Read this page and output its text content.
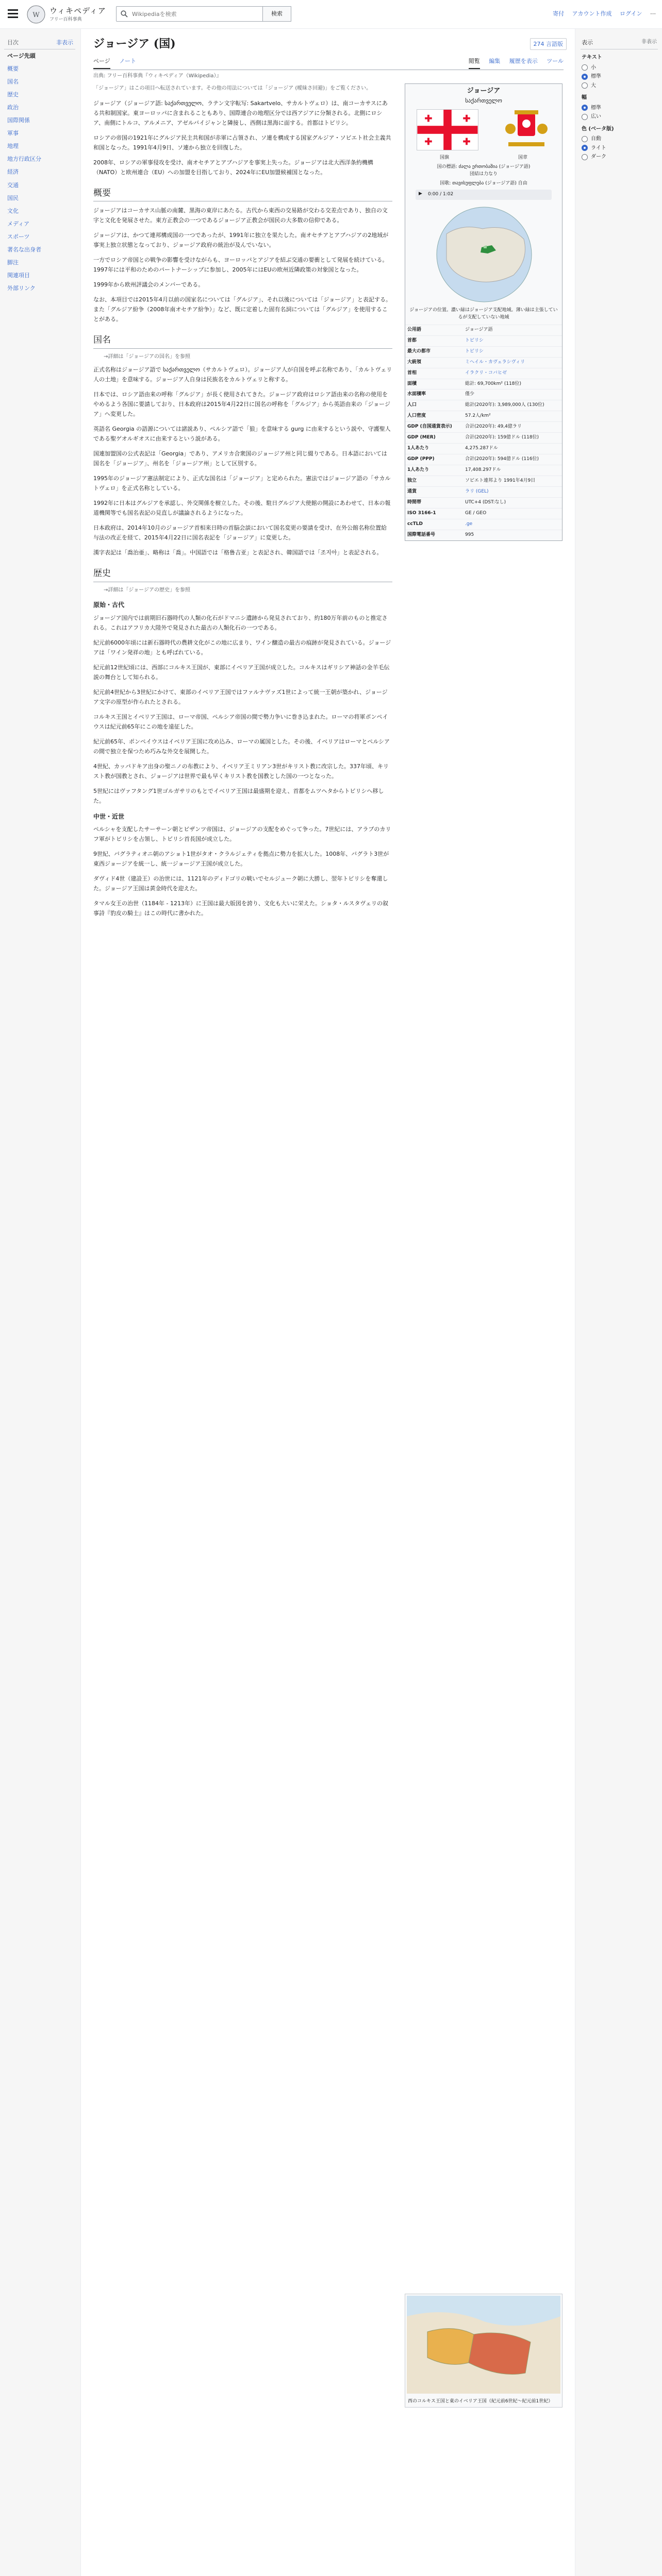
W ウィキペディア
フリー百科事典
Wikipediaを検索
検索	寄付 アカウント作成 ログイン ⋯
目次	非表示
ページ先頭
概要
国名
歴史
政治
国際関係
軍事
地理
地方行政区分
経済
交通
国民
文化
メディア
スポーツ
著名な出身者
脚注
関連項目
外部リンク
ジョージア (国)	274 言語版
ページ ノート	閲覧 編集 履歴を表示 ツール
出典: フリー百科事典『ウィキペディア（Wikipedia）』

「ジョージア」はこの項目へ転送されています。その他の用法については「ジョージア (曖昧さ回避)」をご覧ください。

ジョージア（ジョージア語: საქართველო、ラテン文字転写: Sakartvelo、サカルトヴェロ）は、南コーカサスにある共和制国家。東ヨーロッパに含まれることもあり、国際連合の地理区分では西アジアに分類される。北側にロシア、南側にトルコ、アルメニア、アゼルバイジャンと隣接し、西側は黒海に面する。首都はトビリシ。

ロシアの帝国の1921年にグルジア民主共和国が赤軍に占領され、ソ連を構成する国家グルジア・ソビエト社会主義共和国となった。1991年4月9日、ソ連から独立を回復した。

2008年、ロシアの軍事侵攻を受け、南オセチアとアブハジアを事実上失った。ジョージアは北大西洋条約機構（NATO）と欧州連合（EU）への加盟を目指しており、2024年にEU加盟候補国となった。

概要

ジョージアはコーカサス山脈の南麓、黒海の東岸にあたる。古代から東西の交易路が交わる交差点であり、独自の文字と文化を発展させた。東方正教会の一つであるジョージア正教会が国民の大多数の信仰である。

ジョージアは、かつて連邦構成国の一つであったが、1991年に独立を果たした。南オセチアとアブハジアの2地域が事実上独立状態となっており、ジョージア政府の統治が及んでいない。

一方でロシア帝国との戦争の影響を受けながらも、ヨーロッパとアジアを結ぶ交通の要衝として発展を続けている。1997年には平和のためのパートナーシップに参加し、2005年にはEUの欧州近隣政策の対象国となった。

1999年から欧州評議会のメンバーである。

なお、本項目では2015年4月以前の国家名については「グルジア」、それ以後については「ジョージア」と表記する。また「グルジア紛争（2008年南オセチア紛争）」など、既に定着した固有名詞については「グルジア」を使用することがある。

国名
→詳細は「ジョージアの国名」を参照

正式名称はジョージア語で საქართველო（サカルトヴェロ）。ジョージア人が自国を呼ぶ名称であり、「カルトヴェリ人の土地」を意味する。ジョージア人自身は民族名をカルトヴェリと称する。

日本では、ロシア語由来の呼称「グルジア」が長く使用されてきた。ジョージア政府はロシア語由来の名称の使用をやめるよう各国に要請しており、日本政府は2015年4月22日に国名の呼称を「グルジア」から英語由来の「ジョージア」へ変更した。

英語名 Georgia の語源については諸説あり、ペルシア語で「狼」を意味する gurg に由来するという説や、守護聖人である聖ゲオルギオスに由来するという説がある。

国連加盟国の公式表記は「Georgia」であり、アメリカ合衆国のジョージア州と同じ綴りである。日本語においては国名を「ジョージア」、州名を「ジョージア州」として区別する。

1995年のジョージア憲法制定により、正式な国名は「ジョージア」と定められた。憲法ではジョージア語の「サカルトヴェロ」を正式名称としている。

1992年に日本はグルジアを承認し、外交関係を樹立した。その後、駐日グルジア大使館の開設にあわせて、日本の報道機関等でも国名表記の見直しが議論されるようになった。

日本政府は、2014年10月のジョージア首相来日時の首脳会談において国名変更の要請を受け、在外公館名称位置給与法の改正を経て、2015年4月22日に国名表記を「ジョージア」に変更した。

漢字表記は「喬治亜」、略称は「喬」。中国語では「格鲁吉亚」と表記され、韓国語では「조지아」と表記される。

歴史
→詳細は「ジョージアの歴史」を参照
原始・古代

ジョージア国内では前期旧石器時代の人類の化石がドマニシ遺跡から発見されており、約180万年前のものと推定される。これはアフリカ大陸外で発見された最古の人類化石の一つである。

紀元前6000年頃には新石器時代の農耕文化がこの地に広まり、ワイン醸造の最古の痕跡が発見されている。ジョージアは「ワイン発祥の地」とも呼ばれている。

紀元前12世紀頃には、西部にコルキス王国が、東部にイベリア王国が成立した。コルキスはギリシア神話の金羊毛伝説の舞台として知られる。

紀元前4世紀から3世紀にかけて、東部のイベリア王国ではファルナヴァズ1世によって統一王朝が築かれ、ジョージア文字の原型が作られたとされる。

コルキス王国とイベリア王国は、ローマ帝国、ペルシア帝国の間で勢力争いに巻き込まれた。ローマの将軍ポンペイウスは紀元前65年にこの地を遠征した。

紀元前65年、ポンペイウスはイベリア王国に攻め込み、ローマの属国とした。その後、イベリアはローマとペルシアの間で独立を保つため巧みな外交を展開した。

4世紀、カッパドキア出身の聖ニノの布教により、イベリア王ミリアン3世がキリスト教に改宗した。337年頃、キリスト教が国教とされ、ジョージアは世界で最も早くキリスト教を国教とした国の一つとなった。

5世紀にはヴァフタング1世ゴルガサリのもとでイベリア王国は最盛期を迎え、首都をムツヘタからトビリシへ移した。

中世・近世

ペルシャを支配したサーサーン朝とビザンツ帝国は、ジョージアの支配をめぐって争った。7世紀には、アラブのカリフ軍がトビリシを占領し、トビリシ首長国が成立した。

9世紀、バグラティオニ朝のアショト1世がタオ・クラルジェティを拠点に勢力を拡大した。1008年、バグラト3世が東西ジョージアを統一し、統一ジョージア王国が成立した。

ダヴィド4世（建設王）の治世には、1121年のディドゴリの戦いでセルジューク朝に大勝し、翌年トビリシを奪還した。ジョージア王国は黄金時代を迎えた。

タマル女王の治世（1184年 - 1213年）に王国は最大版図を誇り、文化も大いに栄えた。ショタ・ルスタヴェリの叙事詩『豹皮の騎士』はこの時代に書かれた。

ジョージア
საქართველო
国旗	国章
国の標語: ძალა ერთობაშია (ジョージア語)
団結は力なり
国歌: თავისუფლება (ジョージア語) 自由
▶ 0:00 / 1:02
ジョージアの位置。濃い緑はジョージア支配地域。薄い緑は主張しているが支配していない地域
公用語	ジョージア語
首都	トビリシ
最大の都市	トビリシ
大統領	ミヘイル・カヴェラシヴィリ
首相	イラクリ・コバヒゼ
面積	総計: 69,700km² (118位)
水面積率	僅少
人口	総計(2020年): 3,989,000人 (130位)
人口密度	57.2人/km²
GDP (自国通貨表示)	合計(2020年): 49,4億ラリ
GDP (MER)	合計(2020年): 159億ドル (118位)
1人あたり	4,275.287ドル
GDP (PPP)	合計(2020年): 594億ドル (116位)
1人あたり	17,408.297ドル
独立	ソビエト連邦より 1991年4月9日
通貨	ラリ (GEL)
時間帯	UTC+4 (DST:なし)
ISO 3166-1	GE / GEO
ccTLD	.ge
国際電話番号	995
西のコルキス王国と東のイベリア王国（紀元前6世紀〜紀元前1世紀）
表示	非表示
テキスト
小
標準
大
幅
標準
広い
色 (ベータ版)
自動
ライト
ダーク
